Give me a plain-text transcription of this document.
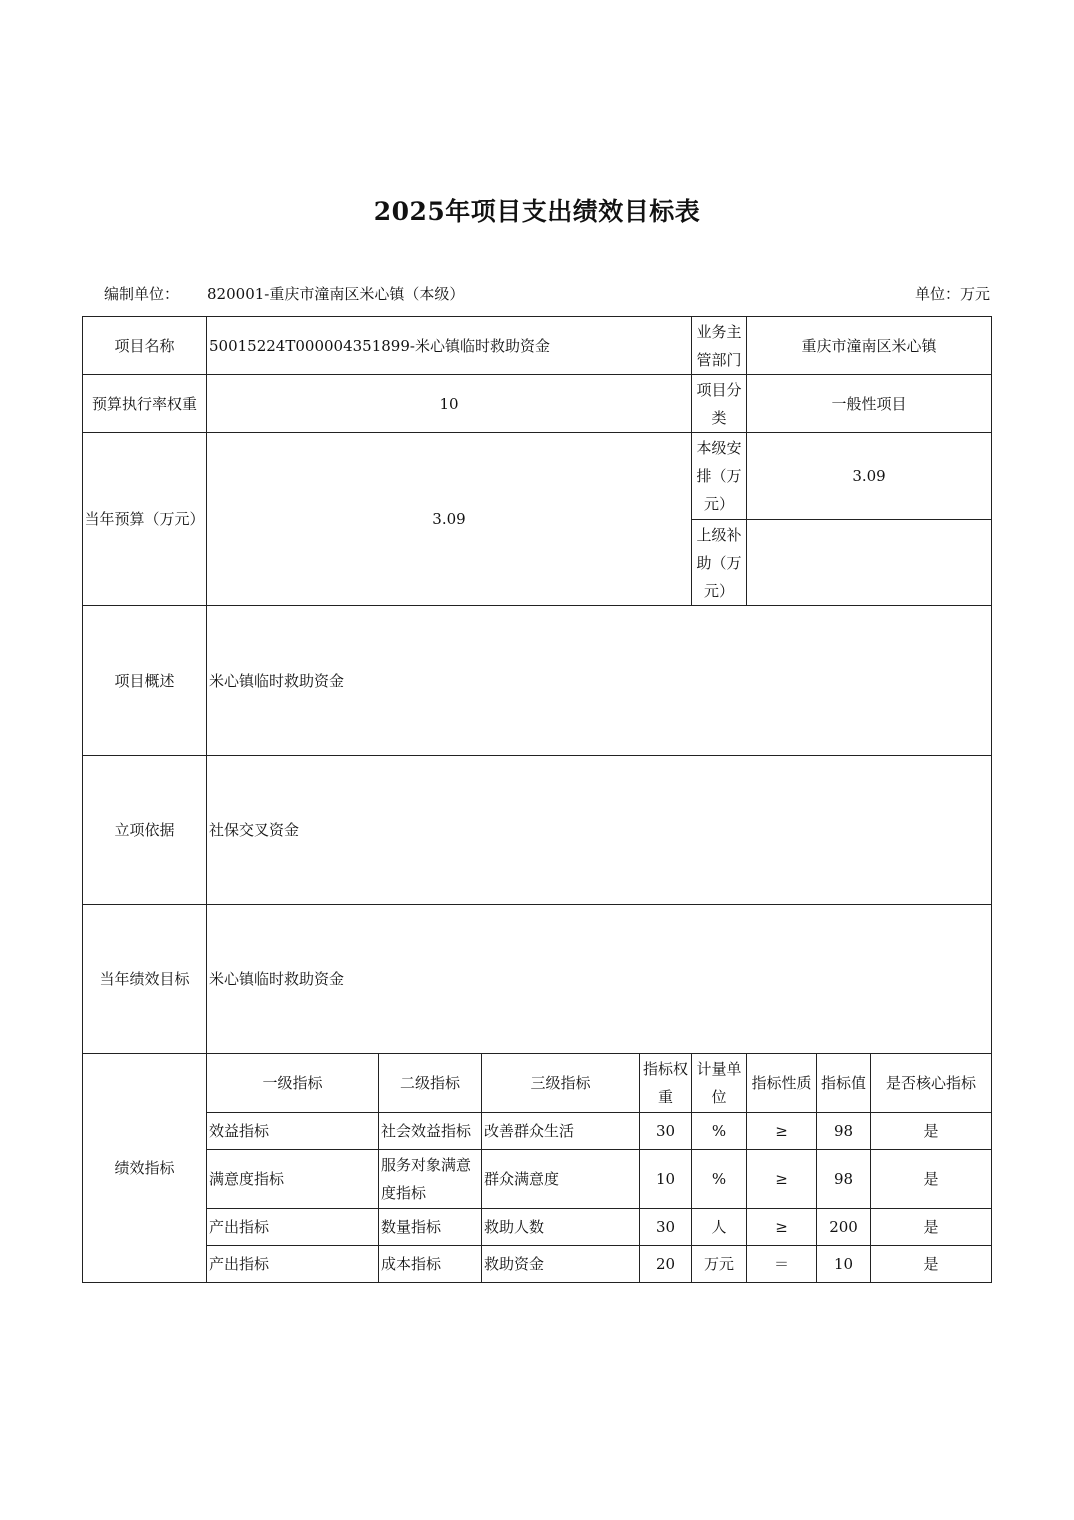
2025年项目支出绩效目标表
编制单位： 820001-重庆市潼南区米心镇（本级）	单位：万元
项目名称	50015224T000004351899-米心镇临时救助资金				业务主管部门	重庆市潼南区米心镇		
预算执行率权重	10				项目分类	一般性项目		
当年预算（万元）	3.09				本级安排（万元）	3.09		
					上级补助（万元）			
项目概述	米心镇临时救助资金							
立项依据	社保交叉资金							
当年绩效目标	米心镇临时救助资金							
绩效指标	一级指标	二级指标	三级指标	指标权重	计量单位	指标性质	指标值	是否核心指标
	效益指标	社会效益指标	改善群众生活	30	%	≥	98	是
	满意度指标	服务对象满意度指标	群众满意度	10	%	≥	98	是
	产出指标	数量指标	救助人数	30	人	≥	200	是
	产出指标	成本指标	救助资金	20	万元	＝	10	是
